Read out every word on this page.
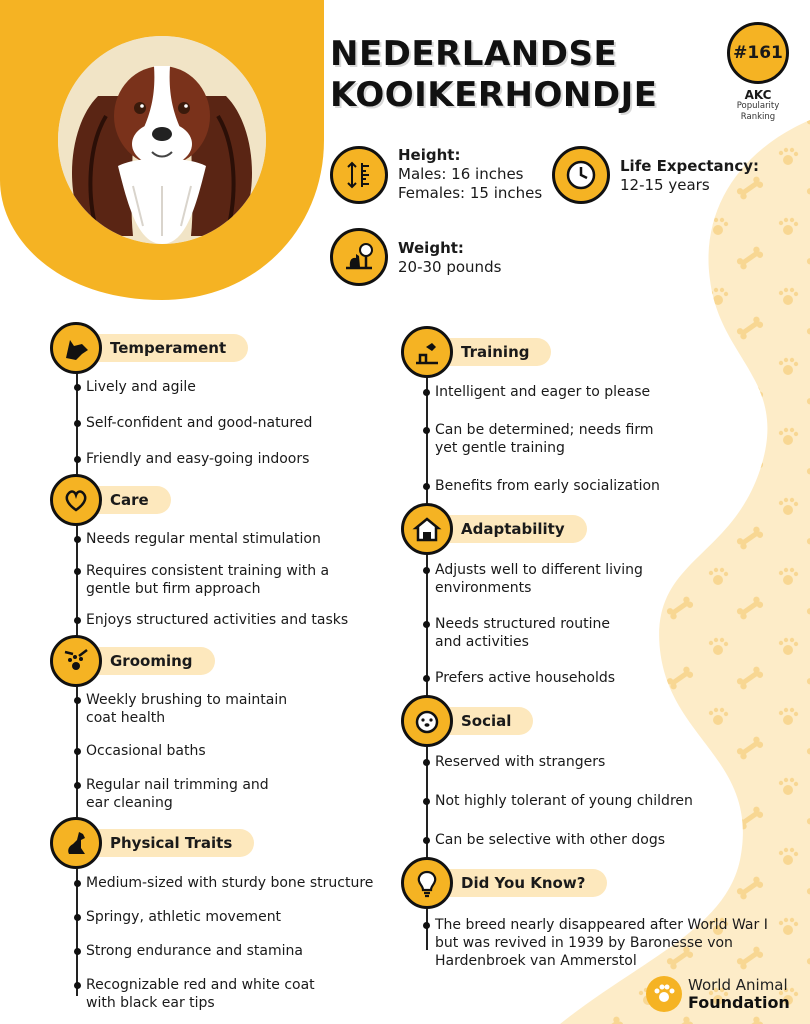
NEDERLANDSE
KOOIKERHONDJE
#161
AKC
Popularity
Ranking
Height:
Males: 16 inches
Females: 15 inches
Life Expectancy:
12-15 years
Weight:
20-30 pounds
Temperament
Lively and agile
Self-confident and good-natured
Friendly and easy-going indoors
Care
Needs regular mental stimulation
Requires consistent training with a
gentle but firm approach
Enjoys structured activities and tasks
Grooming
Weekly brushing to maintain
coat health
Occasional baths
Regular nail trimming and
ear cleaning
Physical Traits
Medium-sized with sturdy bone structure
Springy, athletic movement
Strong endurance and stamina
Recognizable red and white coat
with black ear tips
Training
Intelligent and eager to please
Can be determined; needs firm
yet gentle training
Benefits from early socialization
Adaptability
Adjusts well to different living
environments
Needs structured routine
and activities
Prefers active households
Social
Reserved with strangers
Not highly tolerant of young children
Can be selective with other dogs
Did You Know?
The breed nearly disappeared after World War I
but was revived in 1939 by Baronesse von
Hardenbroek van Ammerstol
World Animal
Foundation
